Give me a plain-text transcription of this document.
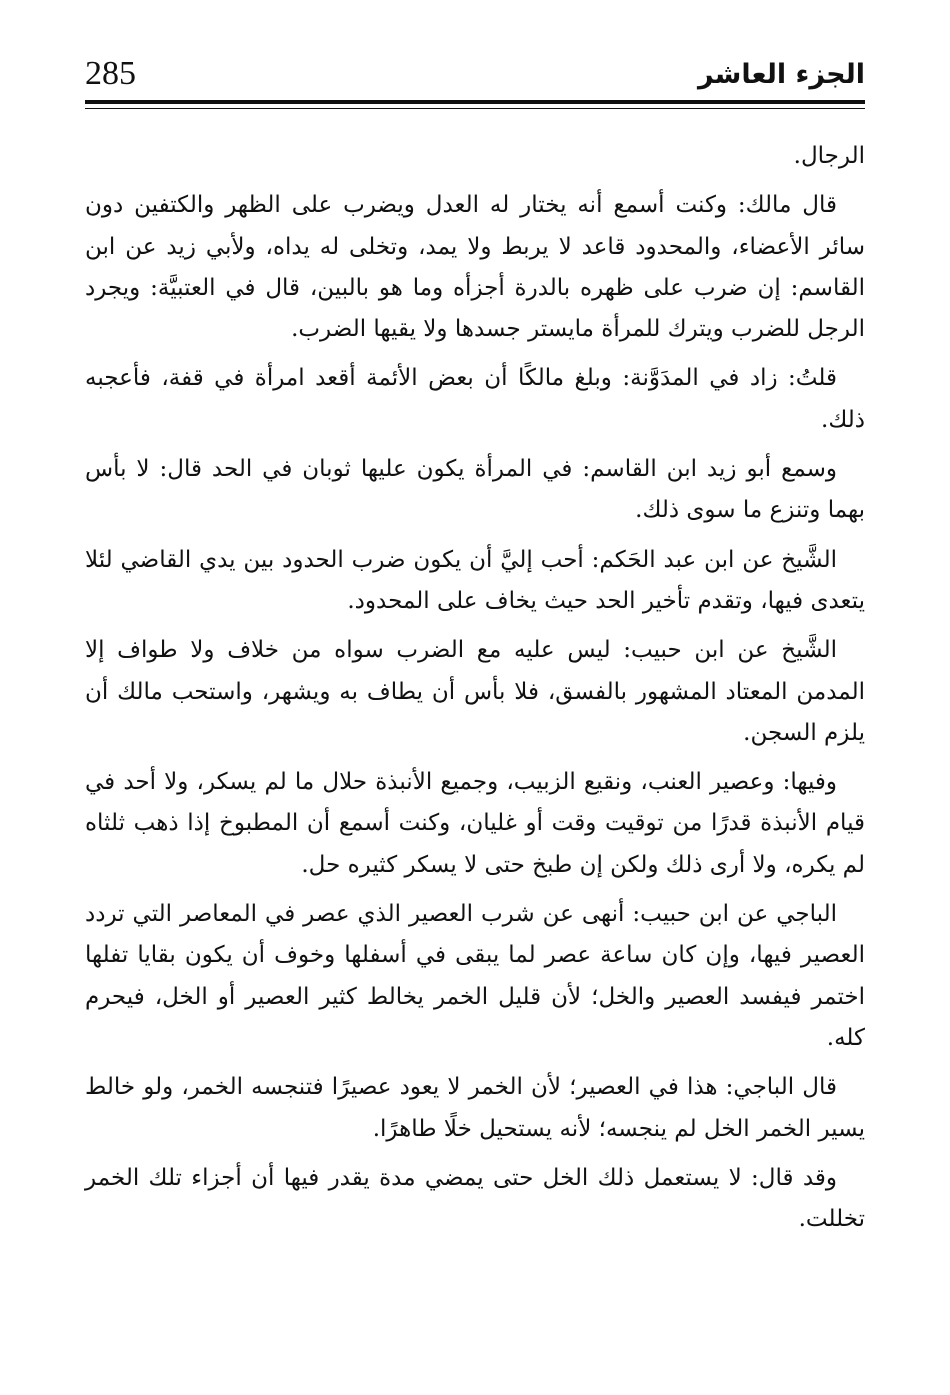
الجزء العاشر
285

الرجال.

قال مالك: وكنت أسمع أنه يختار له العدل ويضرب على الظهر والكتفين دون سائر الأعضاء، والمحدود قاعد لا يربط ولا يمد، وتخلى له يداه، ولأبي زيد عن ابن القاسم: إن ضرب على ظهره بالدرة أجزأه وما هو بالبين، قال في العتبيَّة: ويجرد الرجل للضرب ويترك للمرأة مايستر جسدها ولا يقيها الضرب.

قلتُ: زاد في المدَوَّنة: وبلغ مالكًا أن بعض الأئمة أقعد امرأة في قفة، فأعجبه ذلك.

وسمع أبو زيد ابن القاسم: في المرأة يكون عليها ثوبان في الحد قال: لا بأس بهما وتنزع ما سوى ذلك.

الشَّيخ عن ابن عبد الحَكم: أحب إليَّ أن يكون ضرب الحدود بين يدي القاضي لئلا يتعدى فيها، وتقدم تأخير الحد حيث يخاف على المحدود.

الشَّيخ عن ابن حبيب: ليس عليه مع الضرب سواه من خلاف ولا طواف إلا المدمن المعتاد المشهور بالفسق، فلا بأس أن يطاف به ويشهر، واستحب مالك أن يلزم السجن.

وفيها: وعصير العنب، ونقيع الزبيب، وجميع الأنبذة حلال ما لم يسكر، ولا أحد في قيام الأنبذة قدرًا من توقيت وقت أو غليان، وكنت أسمع أن المطبوخ إذا ذهب ثلثاه لم يكره، ولا أرى ذلك ولكن إن طبخ حتى لا يسكر كثيره حل.

الباجي عن ابن حبيب: أنهى عن شرب العصير الذي عصر في المعاصر التي تردد العصير فيها، وإن كان ساعة عصر لما يبقى في أسفلها وخوف أن يكون بقايا تفلها اختمر فيفسد العصير والخل؛ لأن قليل الخمر يخالط كثير العصير أو الخل، فيحرم كله.

قال الباجي: هذا في العصير؛ لأن الخمر لا يعود عصيرًا فتنجسه الخمر، ولو خالط يسير الخمر الخل لم ينجسه؛ لأنه يستحيل خلًا طاهرًا.

وقد قال: لا يستعمل ذلك الخل حتى يمضي مدة يقدر فيها أن أجزاء تلك الخمر تخللت.
